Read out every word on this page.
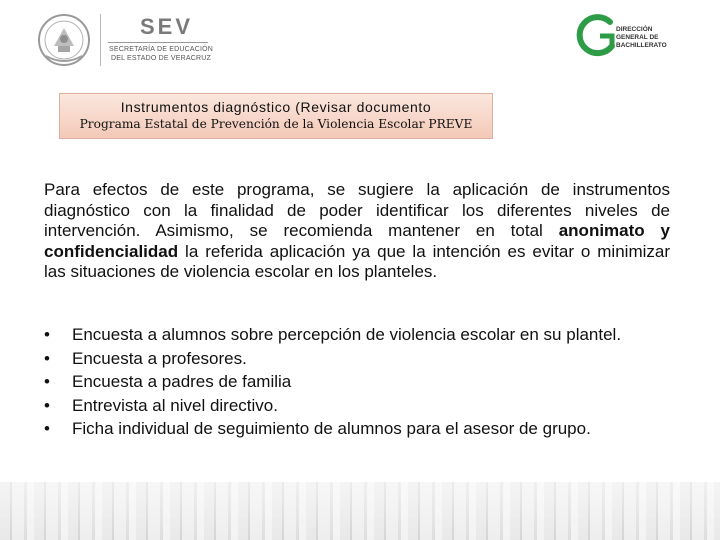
SEV
SECRETARÍA DE EDUCACIÓN
DEL ESTADO DE VERACRUZ
DIRECCIÓN
GENERAL DE
BACHILLERATO
Instrumentos diagnóstico (Revisar documento
Programa Estatal de Prevención de la Violencia Escolar PREVE

Para efectos de este programa, se sugiere la aplicación de instrumentos diagnóstico con la finalidad de poder identificar los diferentes niveles de intervención. Asimismo, se recomienda mantener en total anonimato y confidencialidad la referida aplicación ya que la intención es evitar o minimizar las situaciones de violencia escolar en los planteles.

• Encuesta a alumnos sobre percepción de violencia escolar en su plantel.
• Encuesta a profesores.
• Encuesta a padres de familia
• Entrevista al nivel directivo.
• Ficha individual de seguimiento de alumnos para el asesor de grupo.
